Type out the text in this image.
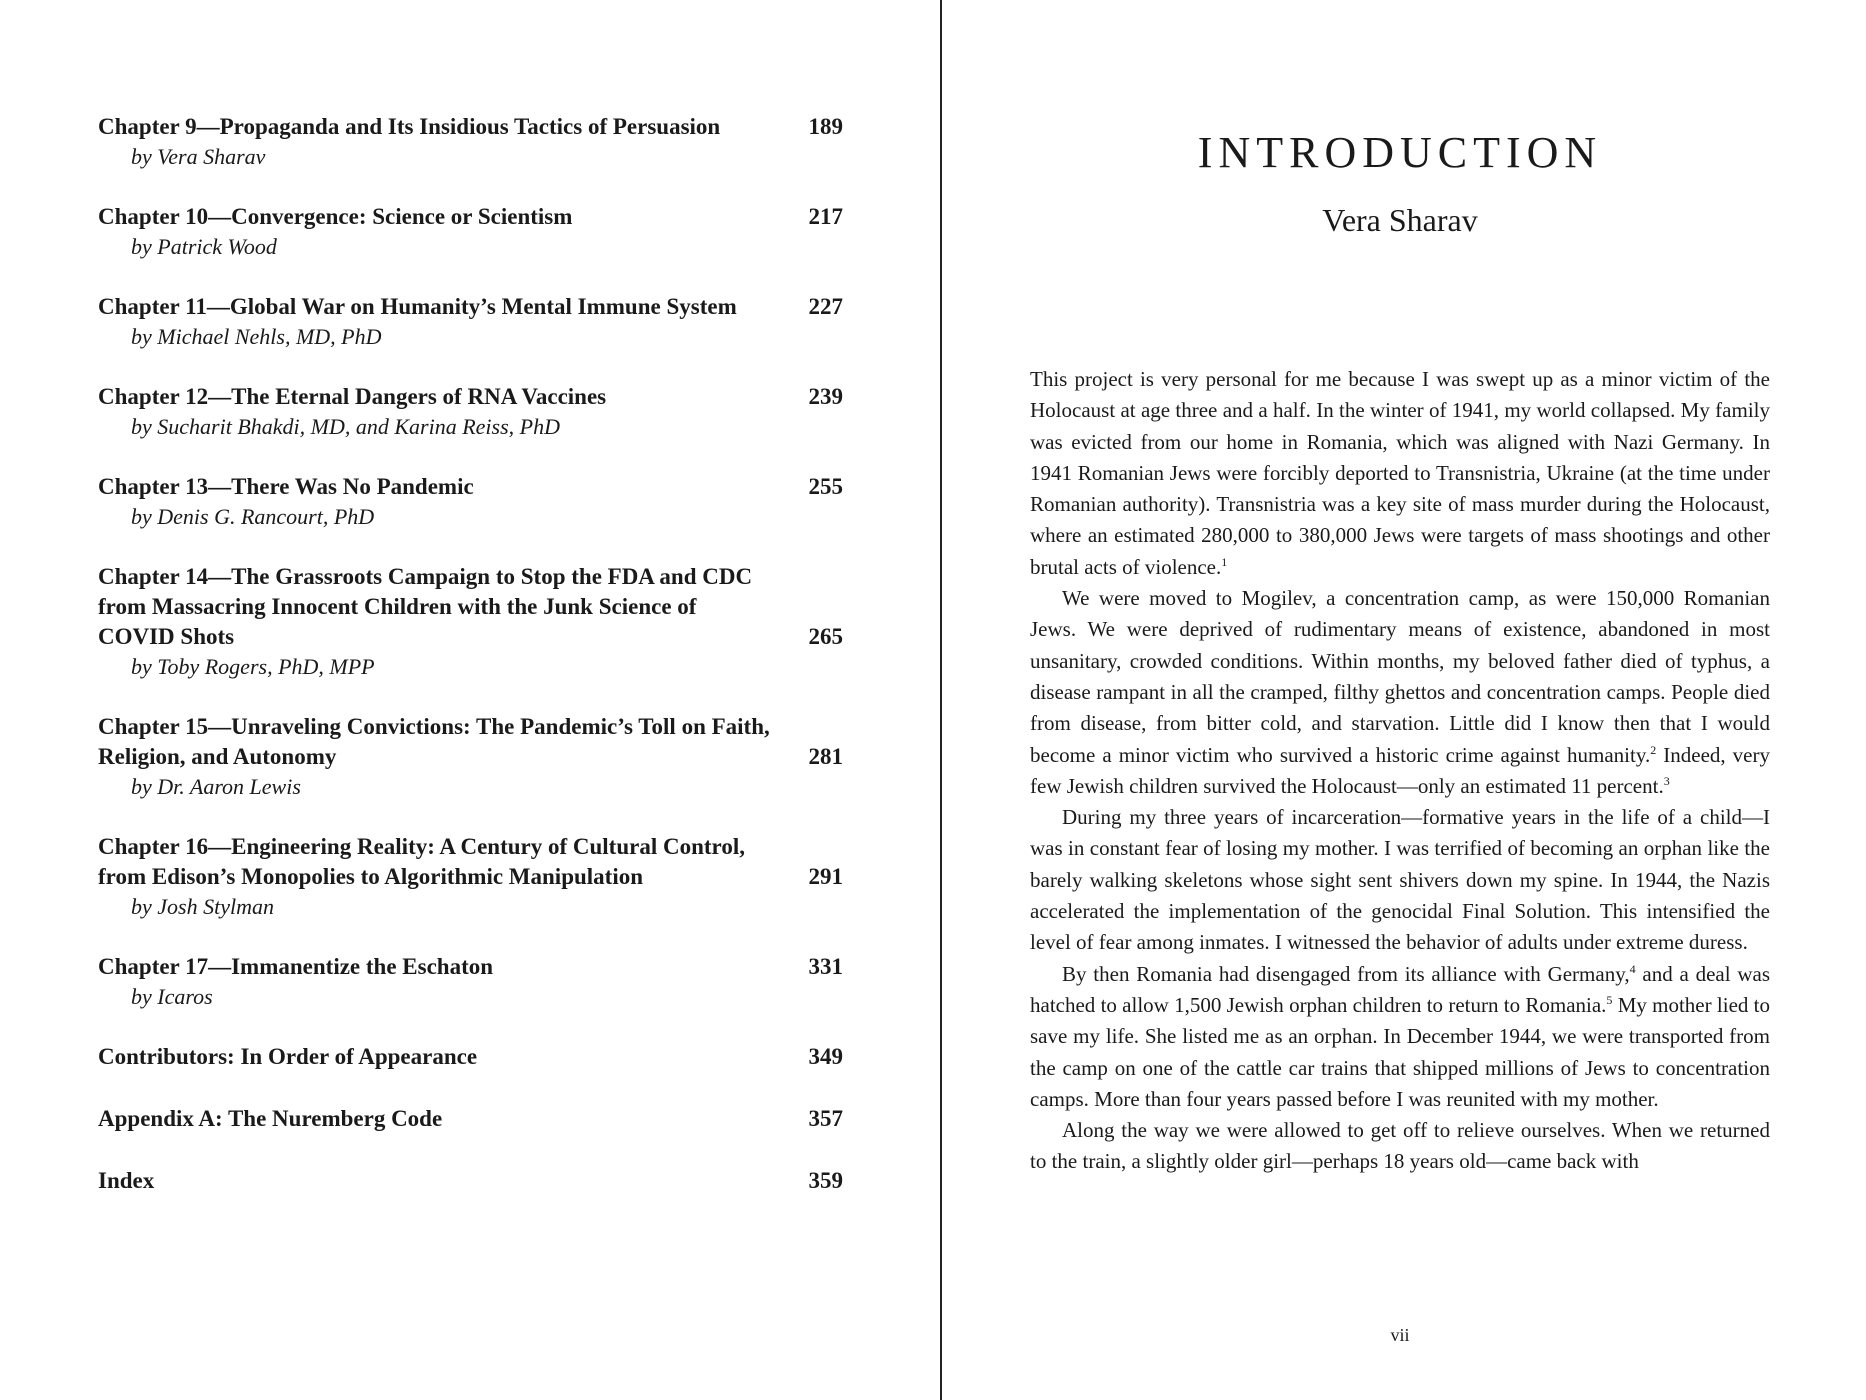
Chapter 9—Propaganda and Its Insidious Tactics of Persuasion	189
by Vera Sharav
Chapter 10—Convergence: Science or Scientism	217
by Patrick Wood
Chapter 11—Global War on Humanity’s Mental Immune System	227
by Michael Nehls, MD, PhD
Chapter 12—The Eternal Dangers of RNA Vaccines	239
by Sucharit Bhakdi, MD, and Karina Reiss, PhD
Chapter 13—There Was No Pandemic	255
by Denis G. Rancourt, PhD
Chapter 14—The Grassroots Campaign to Stop the FDA and CDC from Massacring Innocent Children with the Junk Science of COVID Shots	265
by Toby Rogers, PhD, MPP
Chapter 15—Unraveling Convictions: The Pandemic’s Toll on Faith, Religion, and Autonomy	281
by Dr. Aaron Lewis
Chapter 16—Engineering Reality: A Century of Cultural Control, from Edison’s Monopolies to Algorithmic Manipulation	291
by Josh Stylman
Chapter 17—Immanentize the Eschaton	331
by Icaros
Contributors: In Order of Appearance	349
Appendix A: The Nuremberg Code	357
Index	359
INTRODUCTION
Vera Sharav

This project is very personal for me because I was swept up as a minor victim of the Holocaust at age three and a half. In the winter of 1941, my world collapsed. My family was evicted from our home in Romania, which was aligned with Nazi Germany. In 1941 Romanian Jews were forcibly deported to Transnistria, Ukraine (at the time under Romanian authority). Transnistria was a key site of mass murder during the Holocaust, where an estimated 280,000 to 380,000 Jews were targets of mass shootings and other brutal acts of violence.$^1$

We were moved to Mogilev, a concentration camp, as were 150,000 Romanian Jews. We were deprived of rudimentary means of existence, abandoned in most unsanitary, crowded conditions. Within months, my beloved father died of typhus, a disease rampant in all the cramped, filthy ghettos and concentration camps. People died from disease, from bitter cold, and starvation. Little did I know then that I would become a minor victim who survived a historic crime against humanity.$^2$ Indeed, very few Jewish children survived the Holocaust—only an estimated 11 percent.$^3$

During my three years of incarceration—formative years in the life of a child—I was in constant fear of losing my mother. I was terrified of becoming an orphan like the barely walking skeletons whose sight sent shivers down my spine. In 1944, the Nazis accelerated the implementation of the genocidal Final Solution. This intensified the level of fear among inmates. I witnessed the behavior of adults under extreme duress.

By then Romania had disengaged from its alliance with Germany,$^4$ and a deal was hatched to allow 1,500 Jewish orphan children to return to Romania.$^5$ My mother lied to save my life. She listed me as an orphan. In December 1944, we were transported from the camp on one of the cattle car trains that shipped millions of Jews to concentration camps. More than four years passed before I was reunited with my mother.

Along the way we were allowed to get off to relieve ourselves. When we returned to the train, a slightly older girl—perhaps 18 years old—came back with

vii
